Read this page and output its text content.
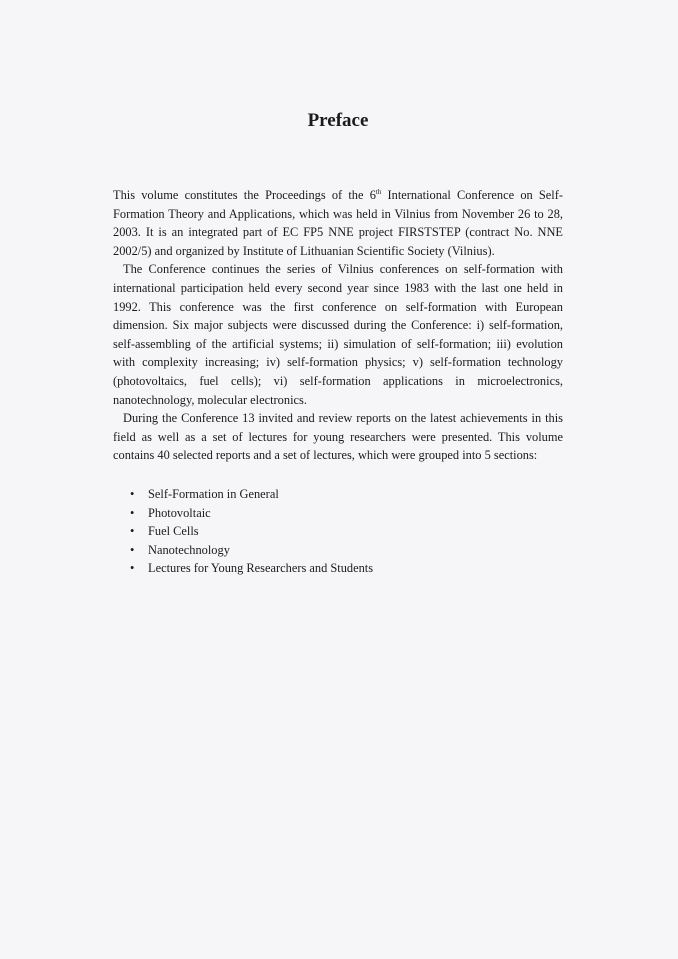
Preface

This volume constitutes the Proceedings of the 6th International Conference on Self-Formation Theory and Applications, which was held in Vilnius from November 26 to 28, 2003. It is an integrated part of EC FP5 NNE project FIRSTSTEP (contract No. NNE 2002/5) and organized by Institute of Lithuanian Scientific Society (Vilnius).

The Conference continues the series of Vilnius conferences on self-formation with international participation held every second year since 1983 with the last one held in 1992. This conference was the first conference on self-formation with European dimension. Six major subjects were discussed during the Conference: i) self-formation, self-assembling of the artificial systems; ii) simulation of self-formation; iii) evolution with complexity increasing; iv) self-formation physics; v) self-formation technology (photovoltaics, fuel cells); vi) self-formation applications in microelectronics, nanotechnology, molecular electronics.

During the Conference 13 invited and review reports on the latest achievements in this field as well as a set of lectures for young researchers were presented. This volume contains 40 selected reports and a set of lectures, which were grouped into 5 sections:

• Self-Formation in General
• Photovoltaic
• Fuel Cells
• Nanotechnology
• Lectures for Young Researchers and Students
